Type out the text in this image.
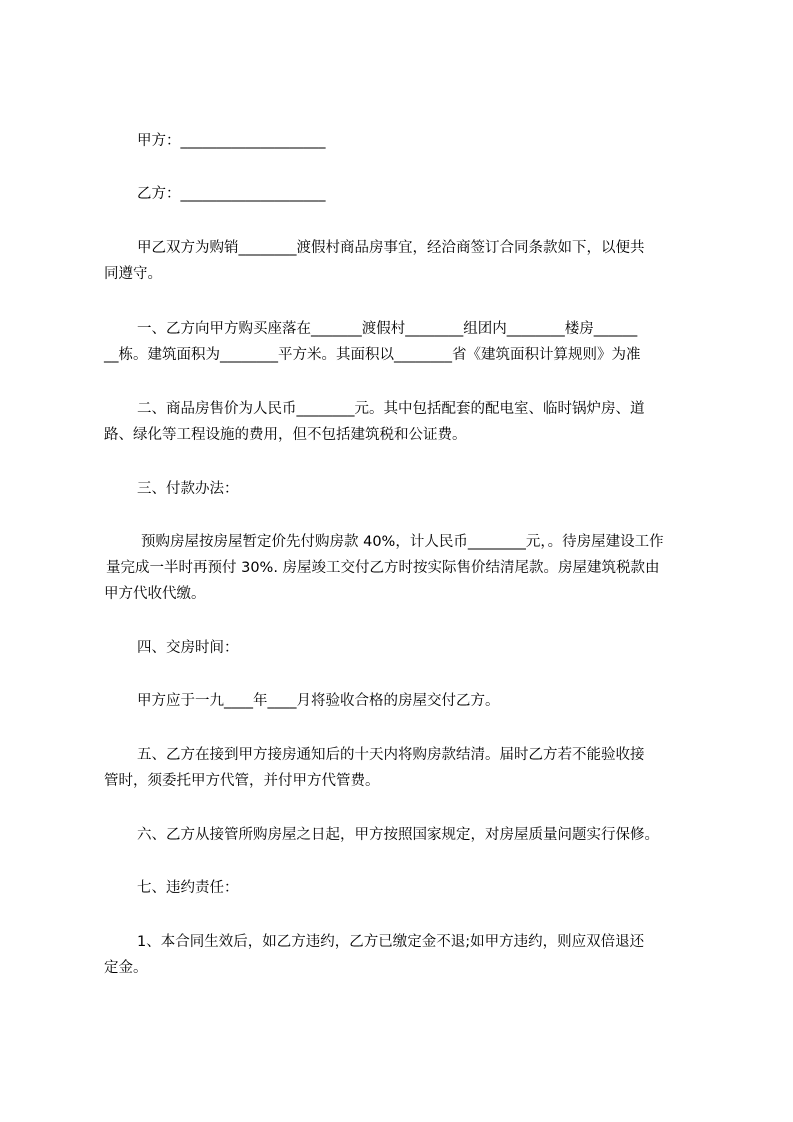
甲方：____________________

乙方：____________________

甲乙双方为购销________渡假村商品房事宜，经洽商签订合同条款如下，以便共

同遵守。

一、乙方向甲方购买座落在_______渡假村________组团内________楼房______

__栋。建筑面积为________平方米。其面积以________省《建筑面积计算规则》为准

二、商品房售价为人民币________元。其中包括配套的配电室、临时锅炉房、道

路、绿化等工程设施的费用，但不包括建筑税和公证费。

三、付款办法：

预购房屋按房屋暂定价先付购房款 40%，计人民币________元，。待房屋建设工作

量完成一半时再预付 30%. 房屋竣工交付乙方时按实际售价结清尾款。房屋建筑税款由

甲方代收代缴。

四、交房时间：

甲方应于一九____年____月将验收合格的房屋交付乙方。

五、乙方在接到甲方接房通知后的十天内将购房款结清。届时乙方若不能验收接

管时，须委托甲方代管，并付甲方代管费。

六、乙方从接管所购房屋之日起，甲方按照国家规定，对房屋质量问题实行保修。

七、违约责任：

1、本合同生效后，如乙方违约，乙方已缴定金不退;如甲方违约，则应双倍退还

定金。
